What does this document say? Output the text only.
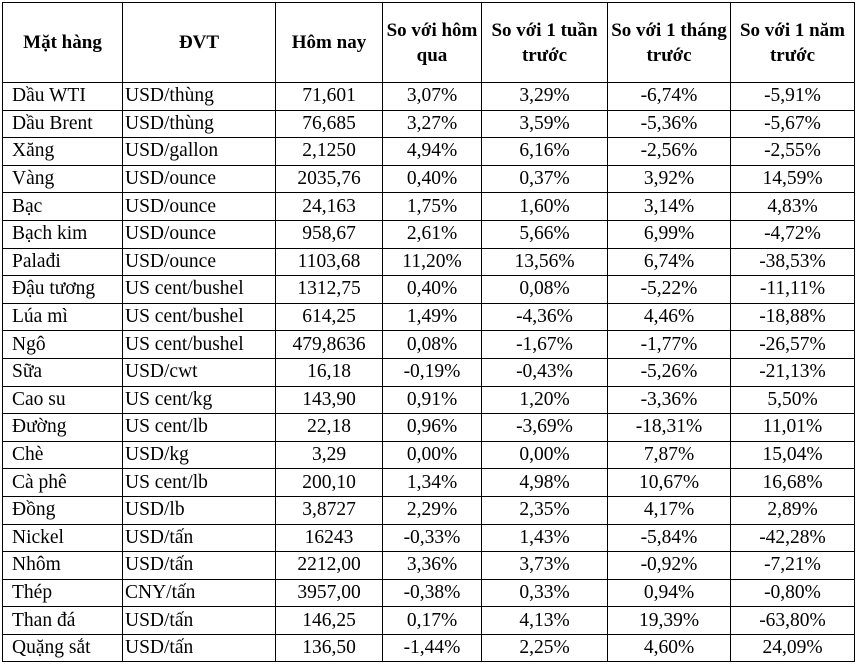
Mặt hàng	ĐVT	Hôm nay	So với hôm qua	So với 1 tuần trước	So với 1 tháng trước	So với 1 năm trước
Dầu WTI	USD/thùng	71,601	3,07%	3,29%	-6,74%	-5,91%
Dầu Brent	USD/thùng	76,685	3,27%	3,59%	-5,36%	-5,67%
Xăng	USD/gallon	2,1250	4,94%	6,16%	-2,56%	-2,55%
Vàng	USD/ounce	2035,76	0,40%	0,37%	3,92%	14,59%
Bạc	USD/ounce	24,163	1,75%	1,60%	3,14%	4,83%
Bạch kim	USD/ounce	958,67	2,61%	5,66%	6,99%	-4,72%
Palađi	USD/ounce	1103,68	11,20%	13,56%	6,74%	-38,53%
Đậu tương	US cent/bushel	1312,75	0,40%	0,08%	-5,22%	-11,11%
Lúa mì	US cent/bushel	614,25	1,49%	-4,36%	4,46%	-18,88%
Ngô	US cent/bushel	479,8636	0,08%	-1,67%	-1,77%	-26,57%
Sữa	USD/cwt	16,18	-0,19%	-0,43%	-5,26%	-21,13%
Cao su	US cent/kg	143,90	0,91%	1,20%	-3,36%	5,50%
Đường	US cent/lb	22,18	0,96%	-3,69%	-18,31%	11,01%
Chè	USD/kg	3,29	0,00%	0,00%	7,87%	15,04%
Cà phê	US cent/lb	200,10	1,34%	4,98%	10,67%	16,68%
Đồng	USD/lb	3,8727	2,29%	2,35%	4,17%	2,89%
Nickel	USD/tấn	16243	-0,33%	1,43%	-5,84%	-42,28%
Nhôm	USD/tấn	2212,00	3,36%	3,73%	-0,92%	-7,21%
Thép	CNY/tấn	3957,00	-0,38%	0,33%	0,94%	-0,80%
Than đá	USD/tấn	146,25	0,17%	4,13%	19,39%	-63,80%
Quặng sắt	USD/tấn	136,50	-1,44%	2,25%	4,60%	24,09%
